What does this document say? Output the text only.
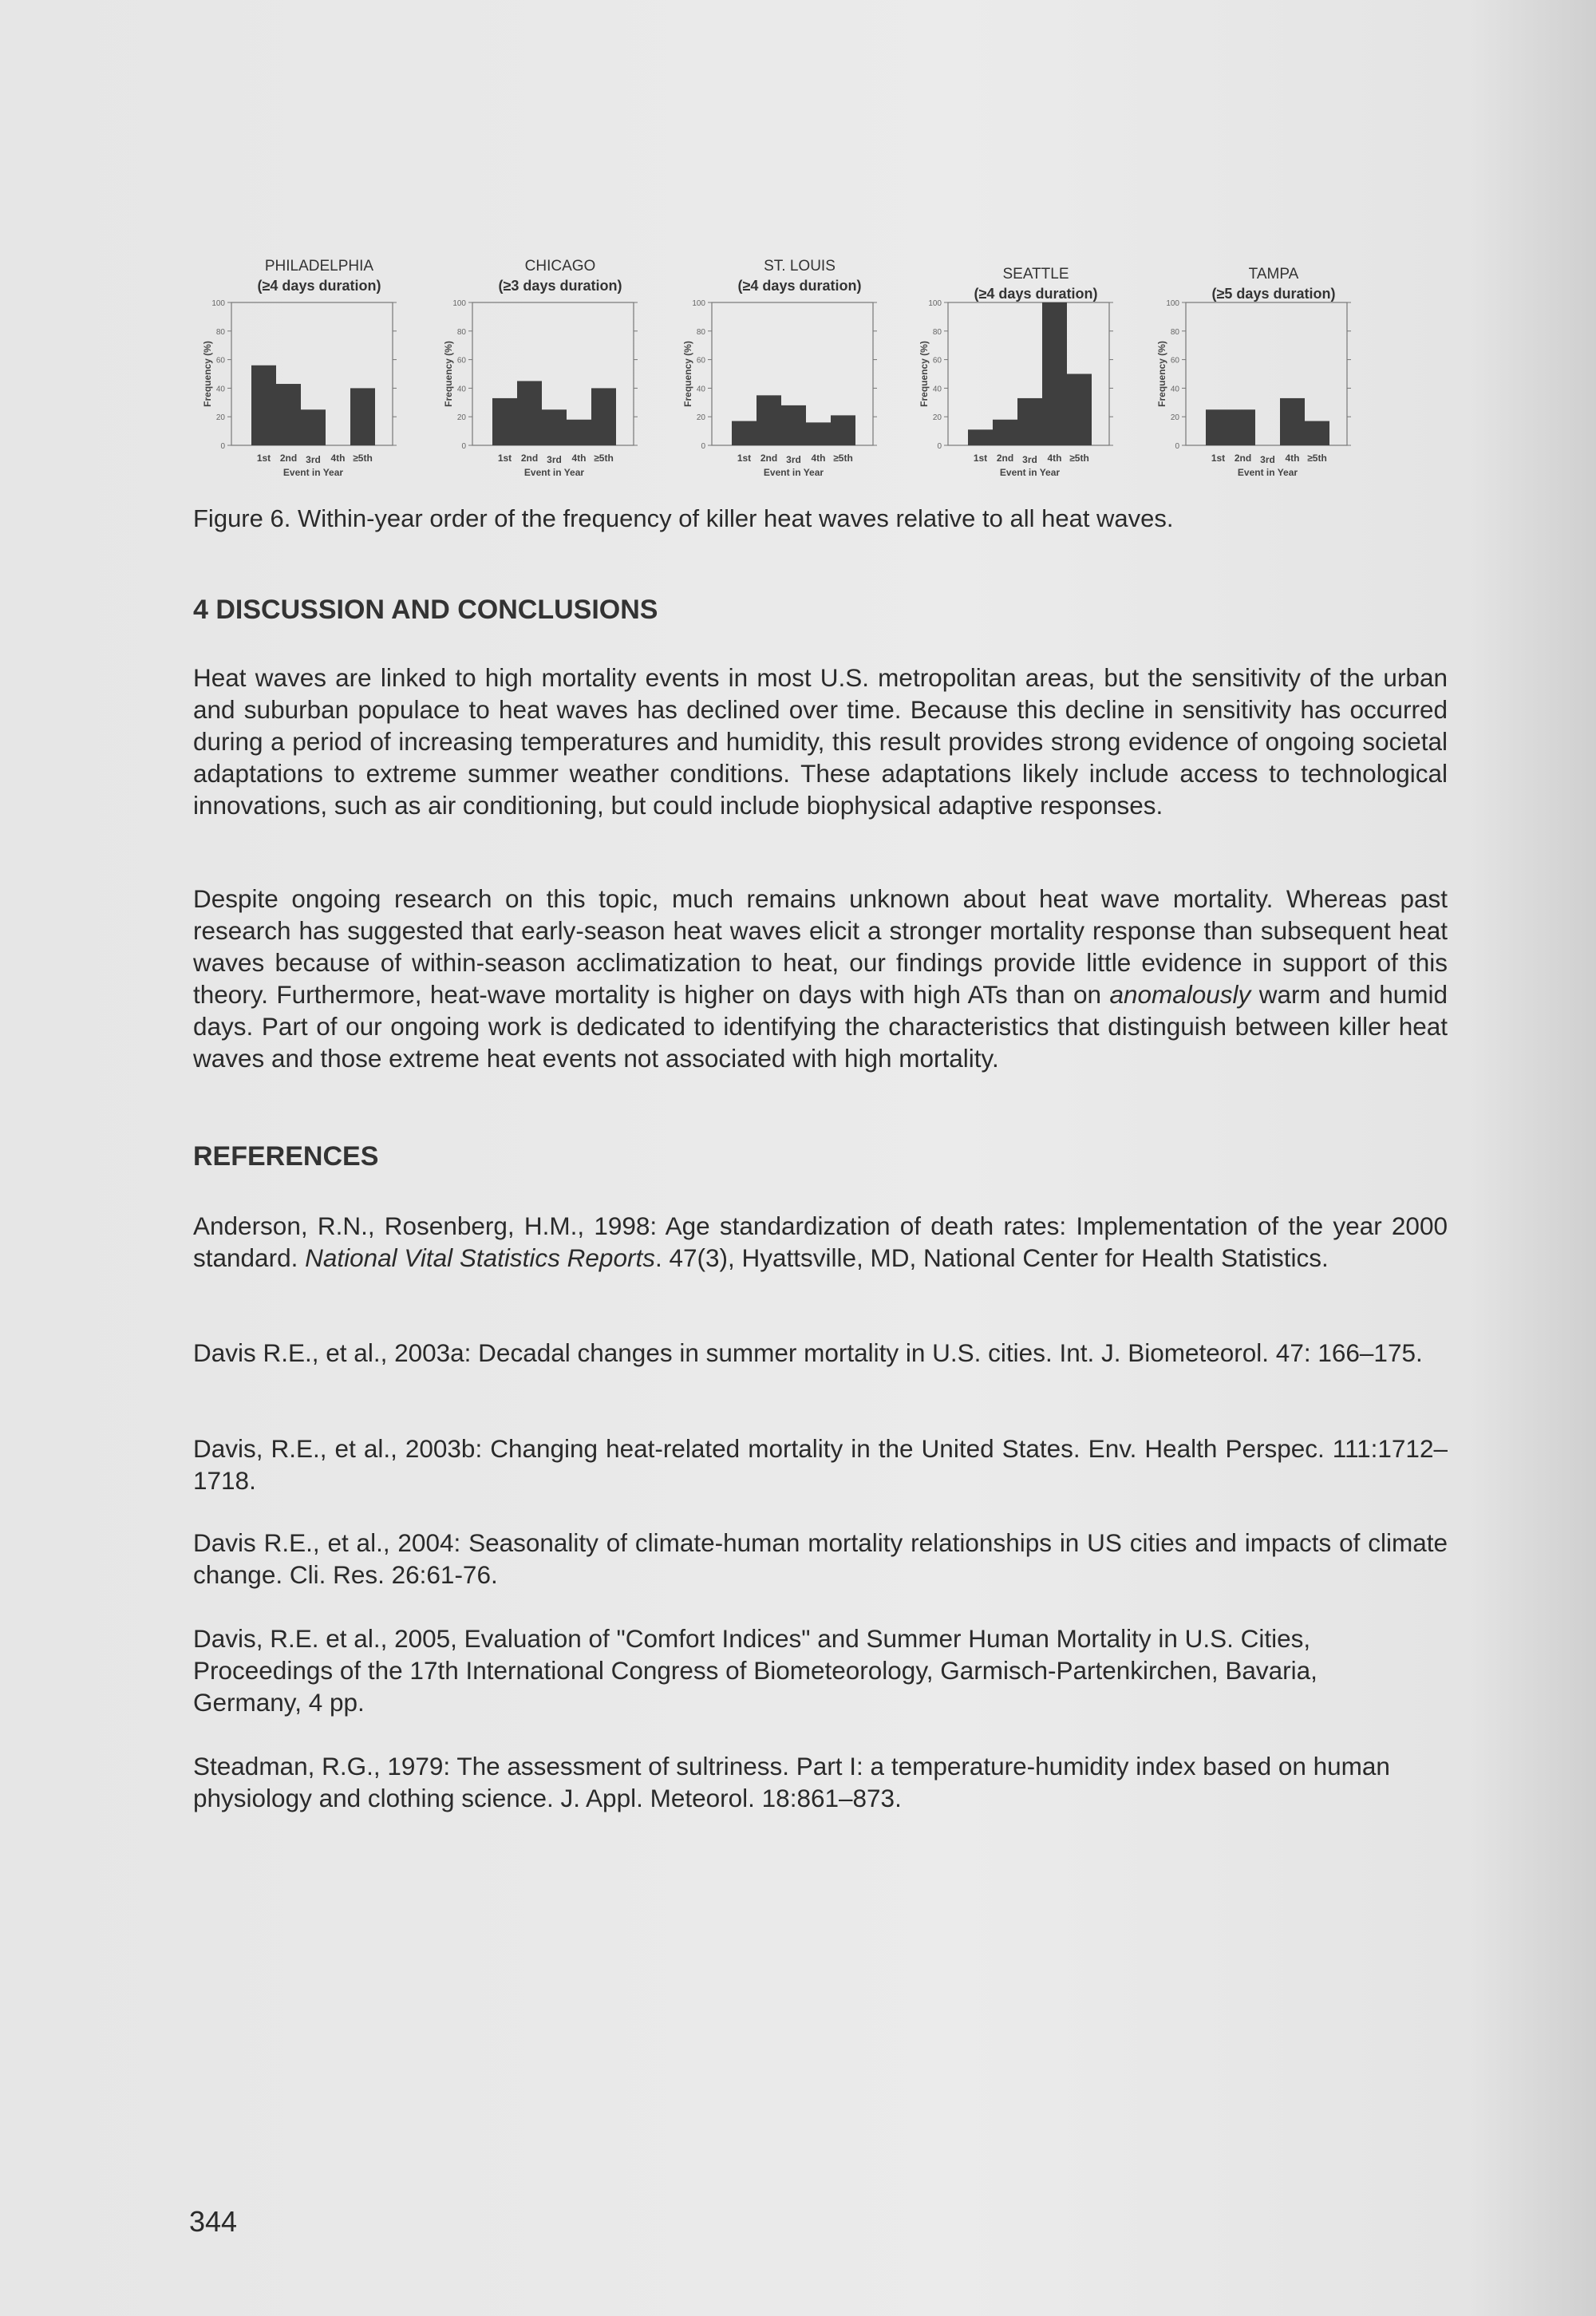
PHILADELPHIA
(≥4 days duration)
0
20
40
60
80
100
Frequency (%)
1st 2nd 3rd 4th ≥5th
Event in Year
CHICAGO
(≥3 days duration)
0
20
40
60
80
100
Frequency (%)
1st 2nd 3rd 4th ≥5th
Event in Year
ST. LOUIS
(≥4 days duration)
0
20
40
60
80
100
Frequency (%)
1st 2nd 3rd 4th ≥5th
Event in Year
SEATTLE
(≥4 days duration)
0
20
40
60
80
100
Frequency (%)
1st 2nd 3rd 4th ≥5th
Event in Year
TAMPA
(≥5 days duration)
0
20
40
60
80
100
Frequency (%)
1st 2nd 3rd 4th ≥5th
Event in Year
Figure 6. Within-year order of the frequency of killer heat waves relative to all heat waves.
4 DISCUSSION AND CONCLUSIONS
Heat waves are linked to high mortality events in most U.S. metropolitan areas, but the sensitivity of the urban and suburban populace to heat waves has declined over time. Because this decline in sensitivity has occurred during a period of increasing temperatures and humidity, this result provides strong evidence of ongoing societal adaptations to extreme summer weather conditions. These adaptations likely include access to technological innovations, such as air conditioning, but could include biophysical adaptive responses.
Despite ongoing research on this topic, much remains unknown about heat wave mortality. Whereas past research has suggested that early-season heat waves elicit a stronger mortality response than subsequent heat waves because of within-season acclimatization to heat, our findings provide little evidence in support of this theory. Furthermore, heat-wave mortality is higher on days with high ATs than on anomalously warm and humid days. Part of our ongoing work is dedicated to identifying the characteristics that distinguish between killer heat waves and those extreme heat events not associated with high mortality.
REFERENCES
Anderson, R.N., Rosenberg, H.M., 1998: Age standardization of death rates: Implementation of the year 2000 standard. National Vital Statistics Reports. 47(3), Hyattsville, MD, National Center for Health Statistics.
Davis R.E., et al., 2003a: Decadal changes in summer mortality in U.S. cities. Int. J. Biometeorol. 47: 166–175.
Davis, R.E., et al., 2003b: Changing heat-related mortality in the United States. Env. Health Perspec. 111:1712–1718.
Davis R.E., et al., 2004: Seasonality of climate-human mortality relationships in US cities and impacts of climate change. Cli. Res. 26:61-76.
Davis, R.E. et al., 2005, Evaluation of "Comfort Indices" and Summer Human Mortality in U.S. Cities, Proceedings of the 17th International Congress of Biometeorology, Garmisch-Partenkirchen, Bavaria, Germany, 4 pp.
Steadman, R.G., 1979: The assessment of sultriness. Part I: a temperature-humidity index based on human physiology and clothing science. J. Appl. Meteorol. 18:861–873.
344
